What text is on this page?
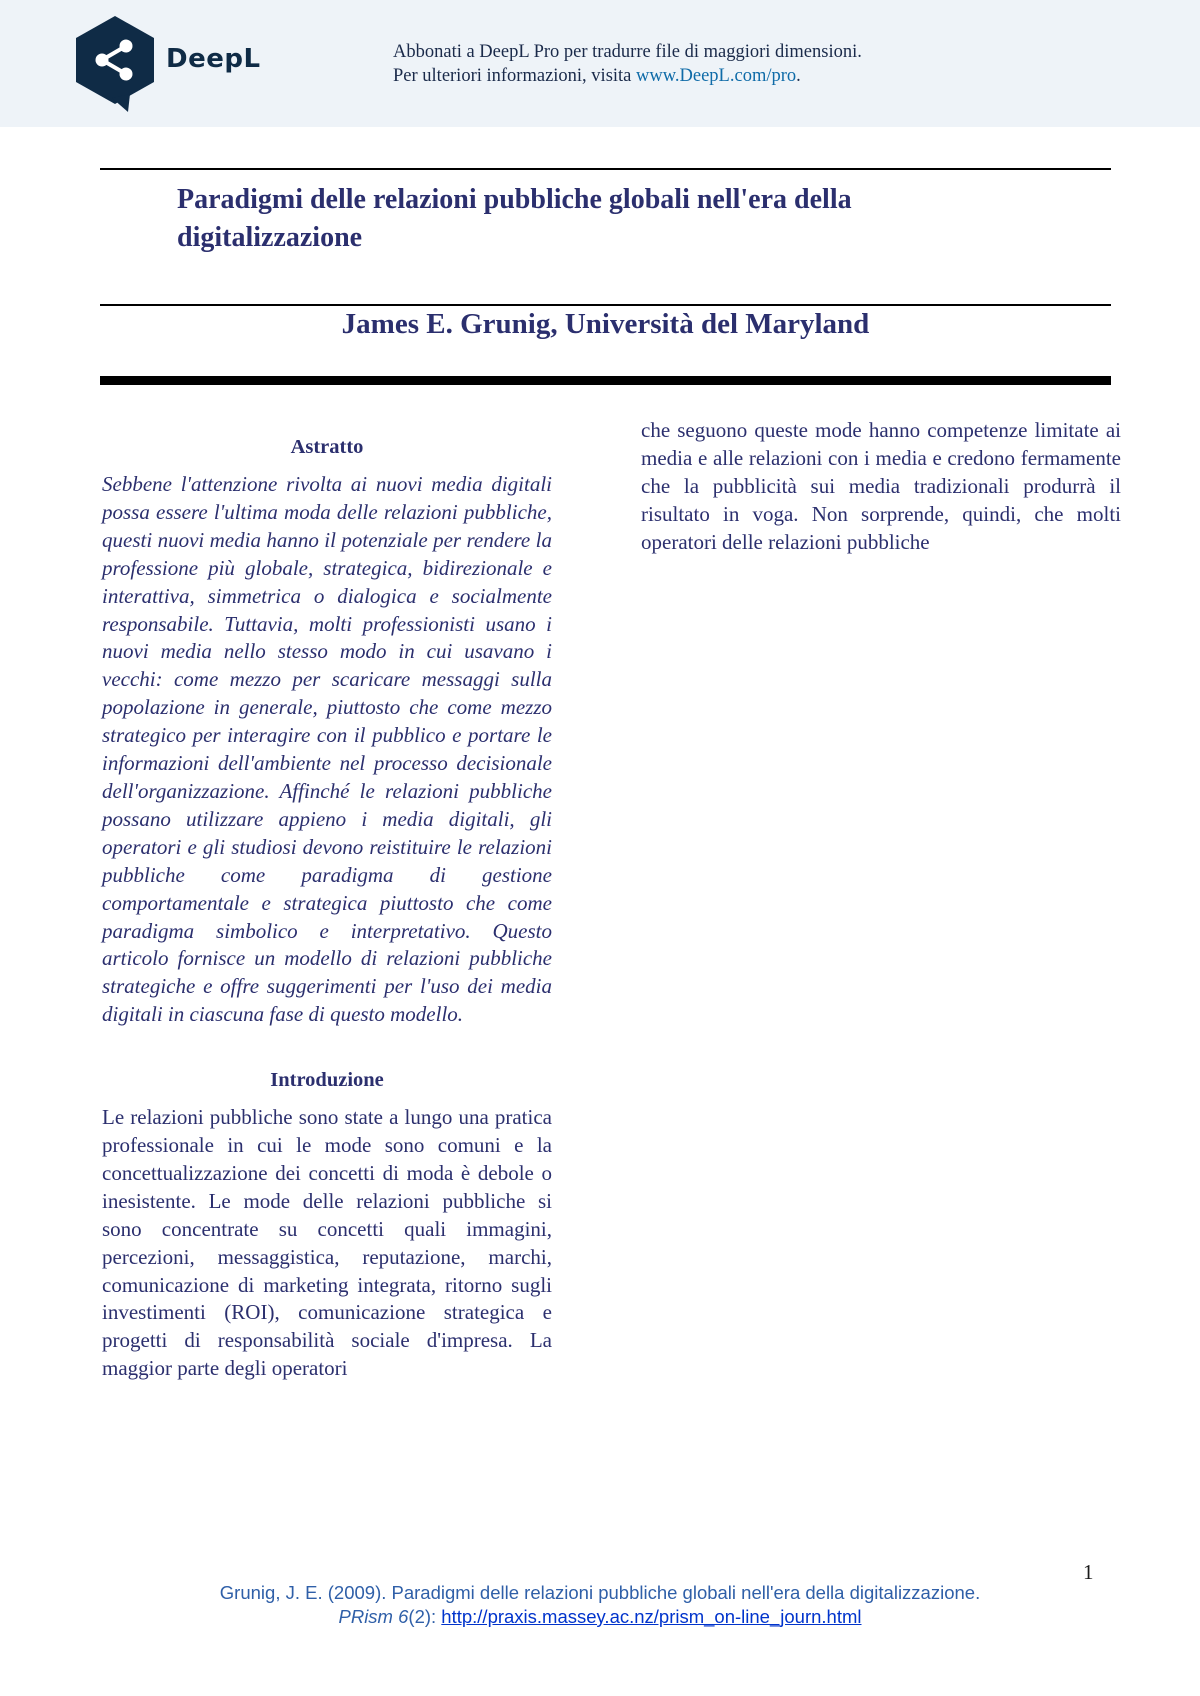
DeepL	Abbonati a DeepL Pro per tradurre file di maggiori dimensioni.
Per ulteriori informazioni, visita www.DeepL.com/pro.
Paradigmi delle relazioni pubbliche globali nell'era della digitalizzazione
James E. Grunig, Università del Maryland
Astratto

Sebbene l'attenzione rivolta ai nuovi media digitali possa essere l'ultima moda delle relazioni pubbliche, questi nuovi media hanno il potenziale per rendere la professione più globale, strategica, bidirezionale e interattiva, simmetrica o dialogica e socialmente responsabile. Tuttavia, molti professionisti usano i nuovi media nello stesso modo in cui usavano i vecchi: come mezzo per scaricare messaggi sulla popolazione in generale, piuttosto che come mezzo strategico per interagire con il pubblico e portare le informazioni dell'ambiente nel processo decisionale dell'organizzazione. Affinché le relazioni pubbliche possano utilizzare appieno i media digitali, gli operatori e gli studiosi devono reistituire le relazioni pubbliche come paradigma di gestione comportamentale e strategica piuttosto che come paradigma simbolico e interpretativo. Questo articolo fornisce un modello di relazioni pubbliche strategiche e offre suggerimenti per l'uso dei media digitali in ciascuna fase di questo modello.

Introduzione

Le relazioni pubbliche sono state a lungo una pratica professionale in cui le mode sono comuni e la concettualizzazione dei concetti di moda è debole o inesistente. Le mode delle relazioni pubbliche si sono concentrate su concetti quali immagini, percezioni, messaggistica, reputazione, marchi, comunicazione di marketing integrata, ritorno sugli investimenti (ROI), comunicazione strategica e progetti di responsabilità sociale d'impresa. La maggior parte degli operatori

che seguono queste mode hanno competenze limitate ai media e alle relazioni con i media e credono fermamente che la pubblicità sui media tradizionali produrrà il risultato in voga. Non sorprende, quindi, che molti operatori delle relazioni pubbliche

1
Grunig, J. E. (2009). Paradigmi delle relazioni pubbliche globali nell'era della digitalizzazione.
PRism 6(2): http://praxis.massey.ac.nz/prism_on-line_journ.html
